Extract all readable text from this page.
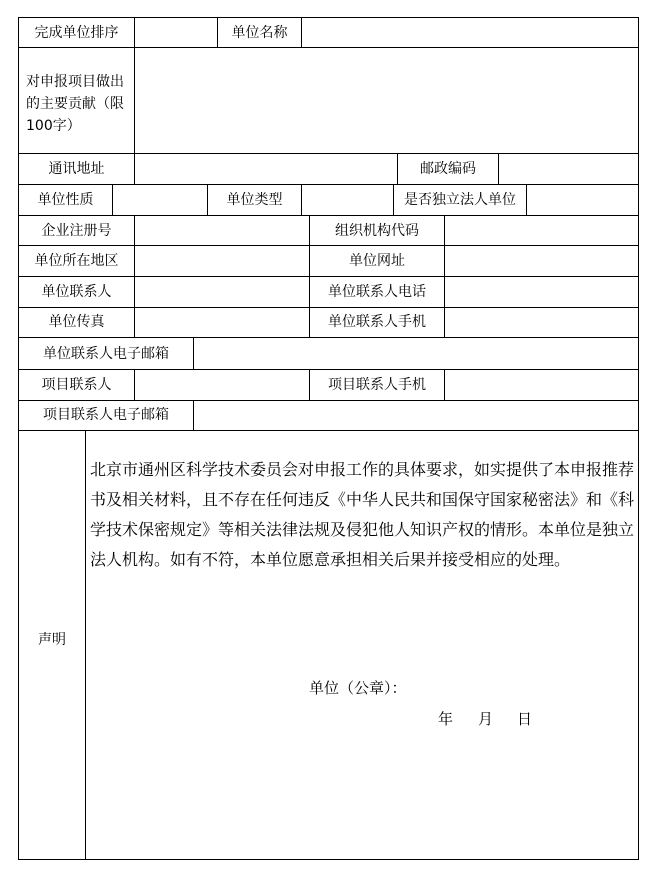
完成单位排序	单位名称
对申报项目做出的主要贡献（限100字）
通讯地址	邮政编码
单位性质	单位类型	是否独立法人单位
企业注册号	组织机构代码
单位所在地区	单位网址
单位联系人	单位联系人电话
单位传真	单位联系人手机
单位联系人电子邮箱
项目联系人	项目联系人手机
项目联系人电子邮箱
声明
北京市通州区科学技术委员会对申报工作的具体要求，如实提供了本申报推荐书及相关材料，且不存在任何违反《中华人民共和国保守国家秘密法》和《科学技术保密规定》等相关法律法规及侵犯他人知识产权的情形。本单位是独立法人机构。如有不符，本单位愿意承担相关后果并接受相应的处理。
单位（公章）：
年 月 日
